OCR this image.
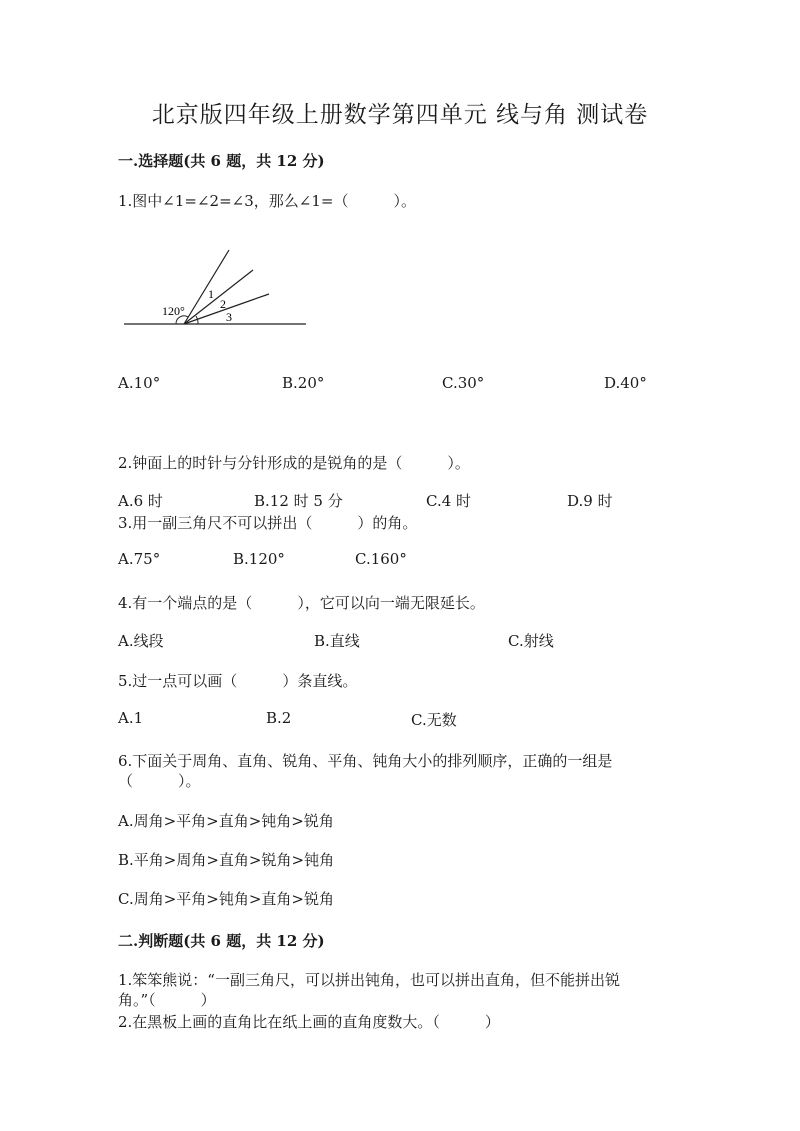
北京版四年级上册数学第四单元 线与角 测试卷
一.选择题(共 6 题，共 12 分)
1.图中∠1=∠2=∠3，那么∠1=（　　　）。
120°
1
2
3
A.10°	B.20°	C.30°	D.40°
2.钟面上的时针与分针形成的是锐角的是（　　　）。
A.6 时	B.12 时 5 分	C.4 时	D.9 时
3.用一副三角尺不可以拼出（　　　）的角。
A.75°	B.120°	C.160°
4.有一个端点的是（　　　），它可以向一端无限延长。
A.线段	B.直线	C.射线
5.过一点可以画（　　　）条直线。
A.1	B.2	C.无数
6.下面关于周角、直角、锐角、平角、钝角大小的排列顺序，正确的一组是
（　　　）。
A.周角>平角>直角>钝角>锐角
B.平角>周角>直角>锐角>钝角
C.周角>平角>钝角>直角>锐角
二.判断题(共 6 题，共 12 分)
1.笨笨熊说：“一副三角尺，可以拼出钝角，也可以拼出直角，但不能拼出锐
角。”（　　　）
2.在黑板上画的直角比在纸上画的直角度数大。（　　　）
